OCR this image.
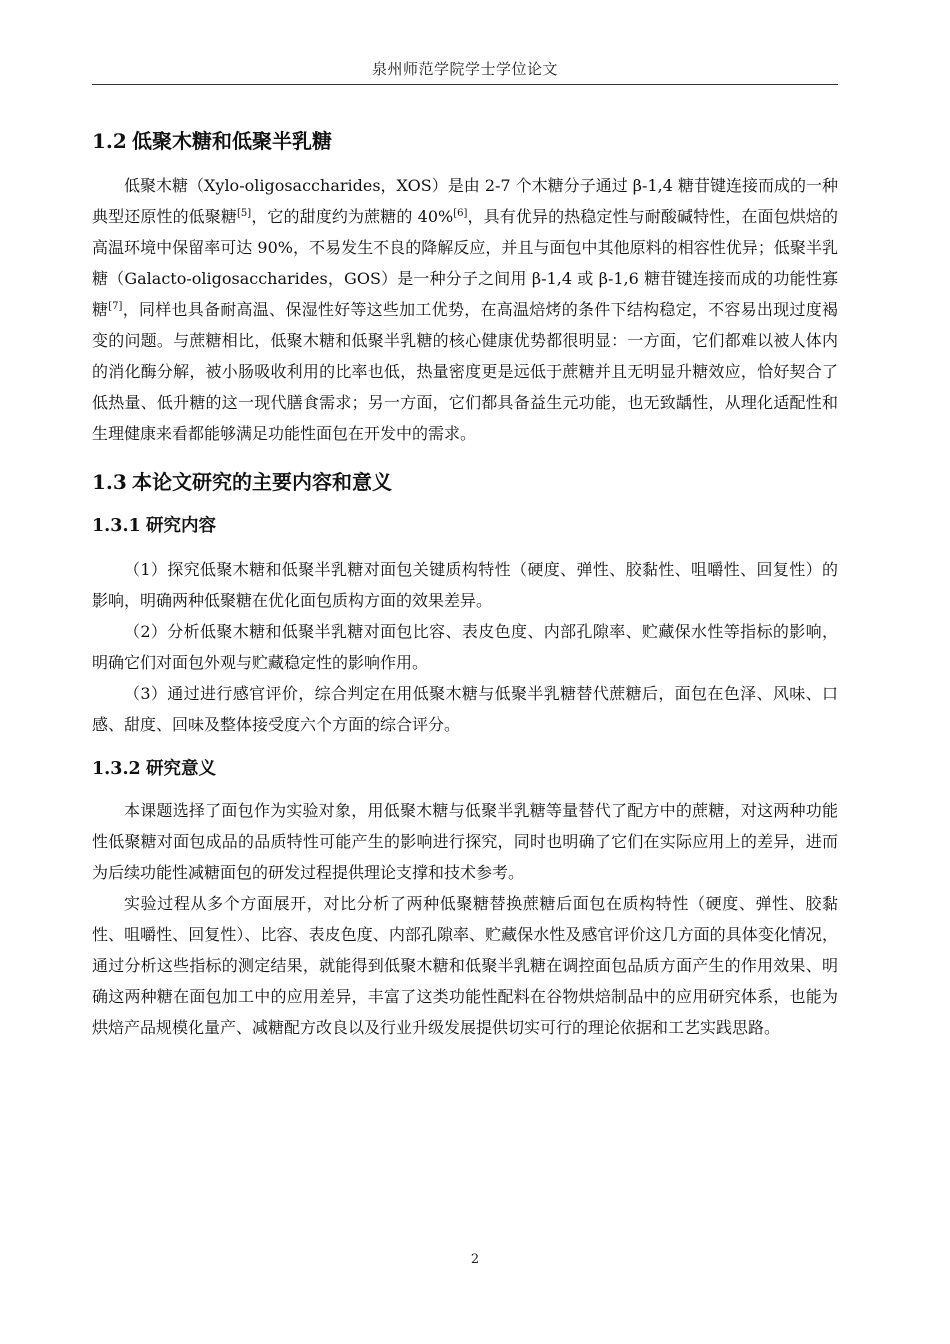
泉州师范学院学士学位论文
1.2 低聚木糖和低聚半乳糖

低聚木糖（Xylo-oligosaccharides，XOS）是由 2-7 个木糖分子通过 β-1,4 糖苷键连接而成的一种典型还原性的低聚糖[5]，它的甜度约为蔗糖的 40%[6]，具有优异的热稳定性与耐酸碱特性，在面包烘焙的高温环境中保留率可达 90%，不易发生不良的降解反应，并且与面包中其他原料的相容性优异；低聚半乳糖（Galacto-oligosaccharides，GOS）是一种分子之间用 β-1,4 或 β-1,6 糖苷键连接而成的功能性寡糖[7]，同样也具备耐高温、保湿性好等这些加工优势，在高温焙烤的条件下结构稳定，不容易出现过度褐变的问题。与蔗糖相比，低聚木糖和低聚半乳糖的核心健康优势都很明显：一方面，它们都难以被人体内的消化酶分解，被小肠吸收利用的比率也低，热量密度更是远低于蔗糖并且无明显升糖效应，恰好契合了低热量、低升糖的这一现代膳食需求；另一方面，它们都具备益生元功能，也无致龋性，从理化适配性和生理健康来看都能够满足功能性面包在开发中的需求。

1.3 本论文研究的主要内容和意义
1.3.1 研究内容

（1）探究低聚木糖和低聚半乳糖对面包关键质构特性（硬度、弹性、胶黏性、咀嚼性、回复性）的影响，明确两种低聚糖在优化面包质构方面的效果差异。

（2）分析低聚木糖和低聚半乳糖对面包比容、表皮色度、内部孔隙率、贮藏保水性等指标的影响，明确它们对面包外观与贮藏稳定性的影响作用。

（3）通过进行感官评价，综合判定在用低聚木糖与低聚半乳糖替代蔗糖后，面包在色泽、风味、口感、甜度、回味及整体接受度六个方面的综合评分。

1.3.2 研究意义

本课题选择了面包作为实验对象，用低聚木糖与低聚半乳糖等量替代了配方中的蔗糖，对这两种功能性低聚糖对面包成品的品质特性可能产生的影响进行探究，同时也明确了它们在实际应用上的差异，进而为后续功能性减糖面包的研发过程提供理论支撑和技术参考。

实验过程从多个方面展开，对比分析了两种低聚糖替换蔗糖后面包在质构特性（硬度、弹性、胶黏性、咀嚼性、回复性）、比容、表皮色度、内部孔隙率、贮藏保水性及感官评价这几方面的具体变化情况，通过分析这些指标的测定结果，就能得到低聚木糖和低聚半乳糖在调控面包品质方面产生的作用效果、明确这两种糖在面包加工中的应用差异，丰富了这类功能性配料在谷物烘焙制品中的应用研究体系，也能为烘焙产品规模化量产、减糖配方改良以及行业升级发展提供切实可行的理论依据和工艺实践思路。

2
